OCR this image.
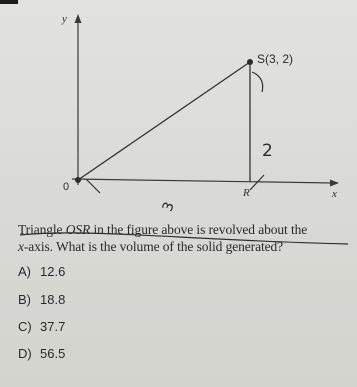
y
x
0
S(3, 2)
R
2
3
Triangle OSR in the figure above is revolved about the
x-axis. What is the volume of the solid generated?
A) 12.6
B) 18.8
C) 37.7
D) 56.5
